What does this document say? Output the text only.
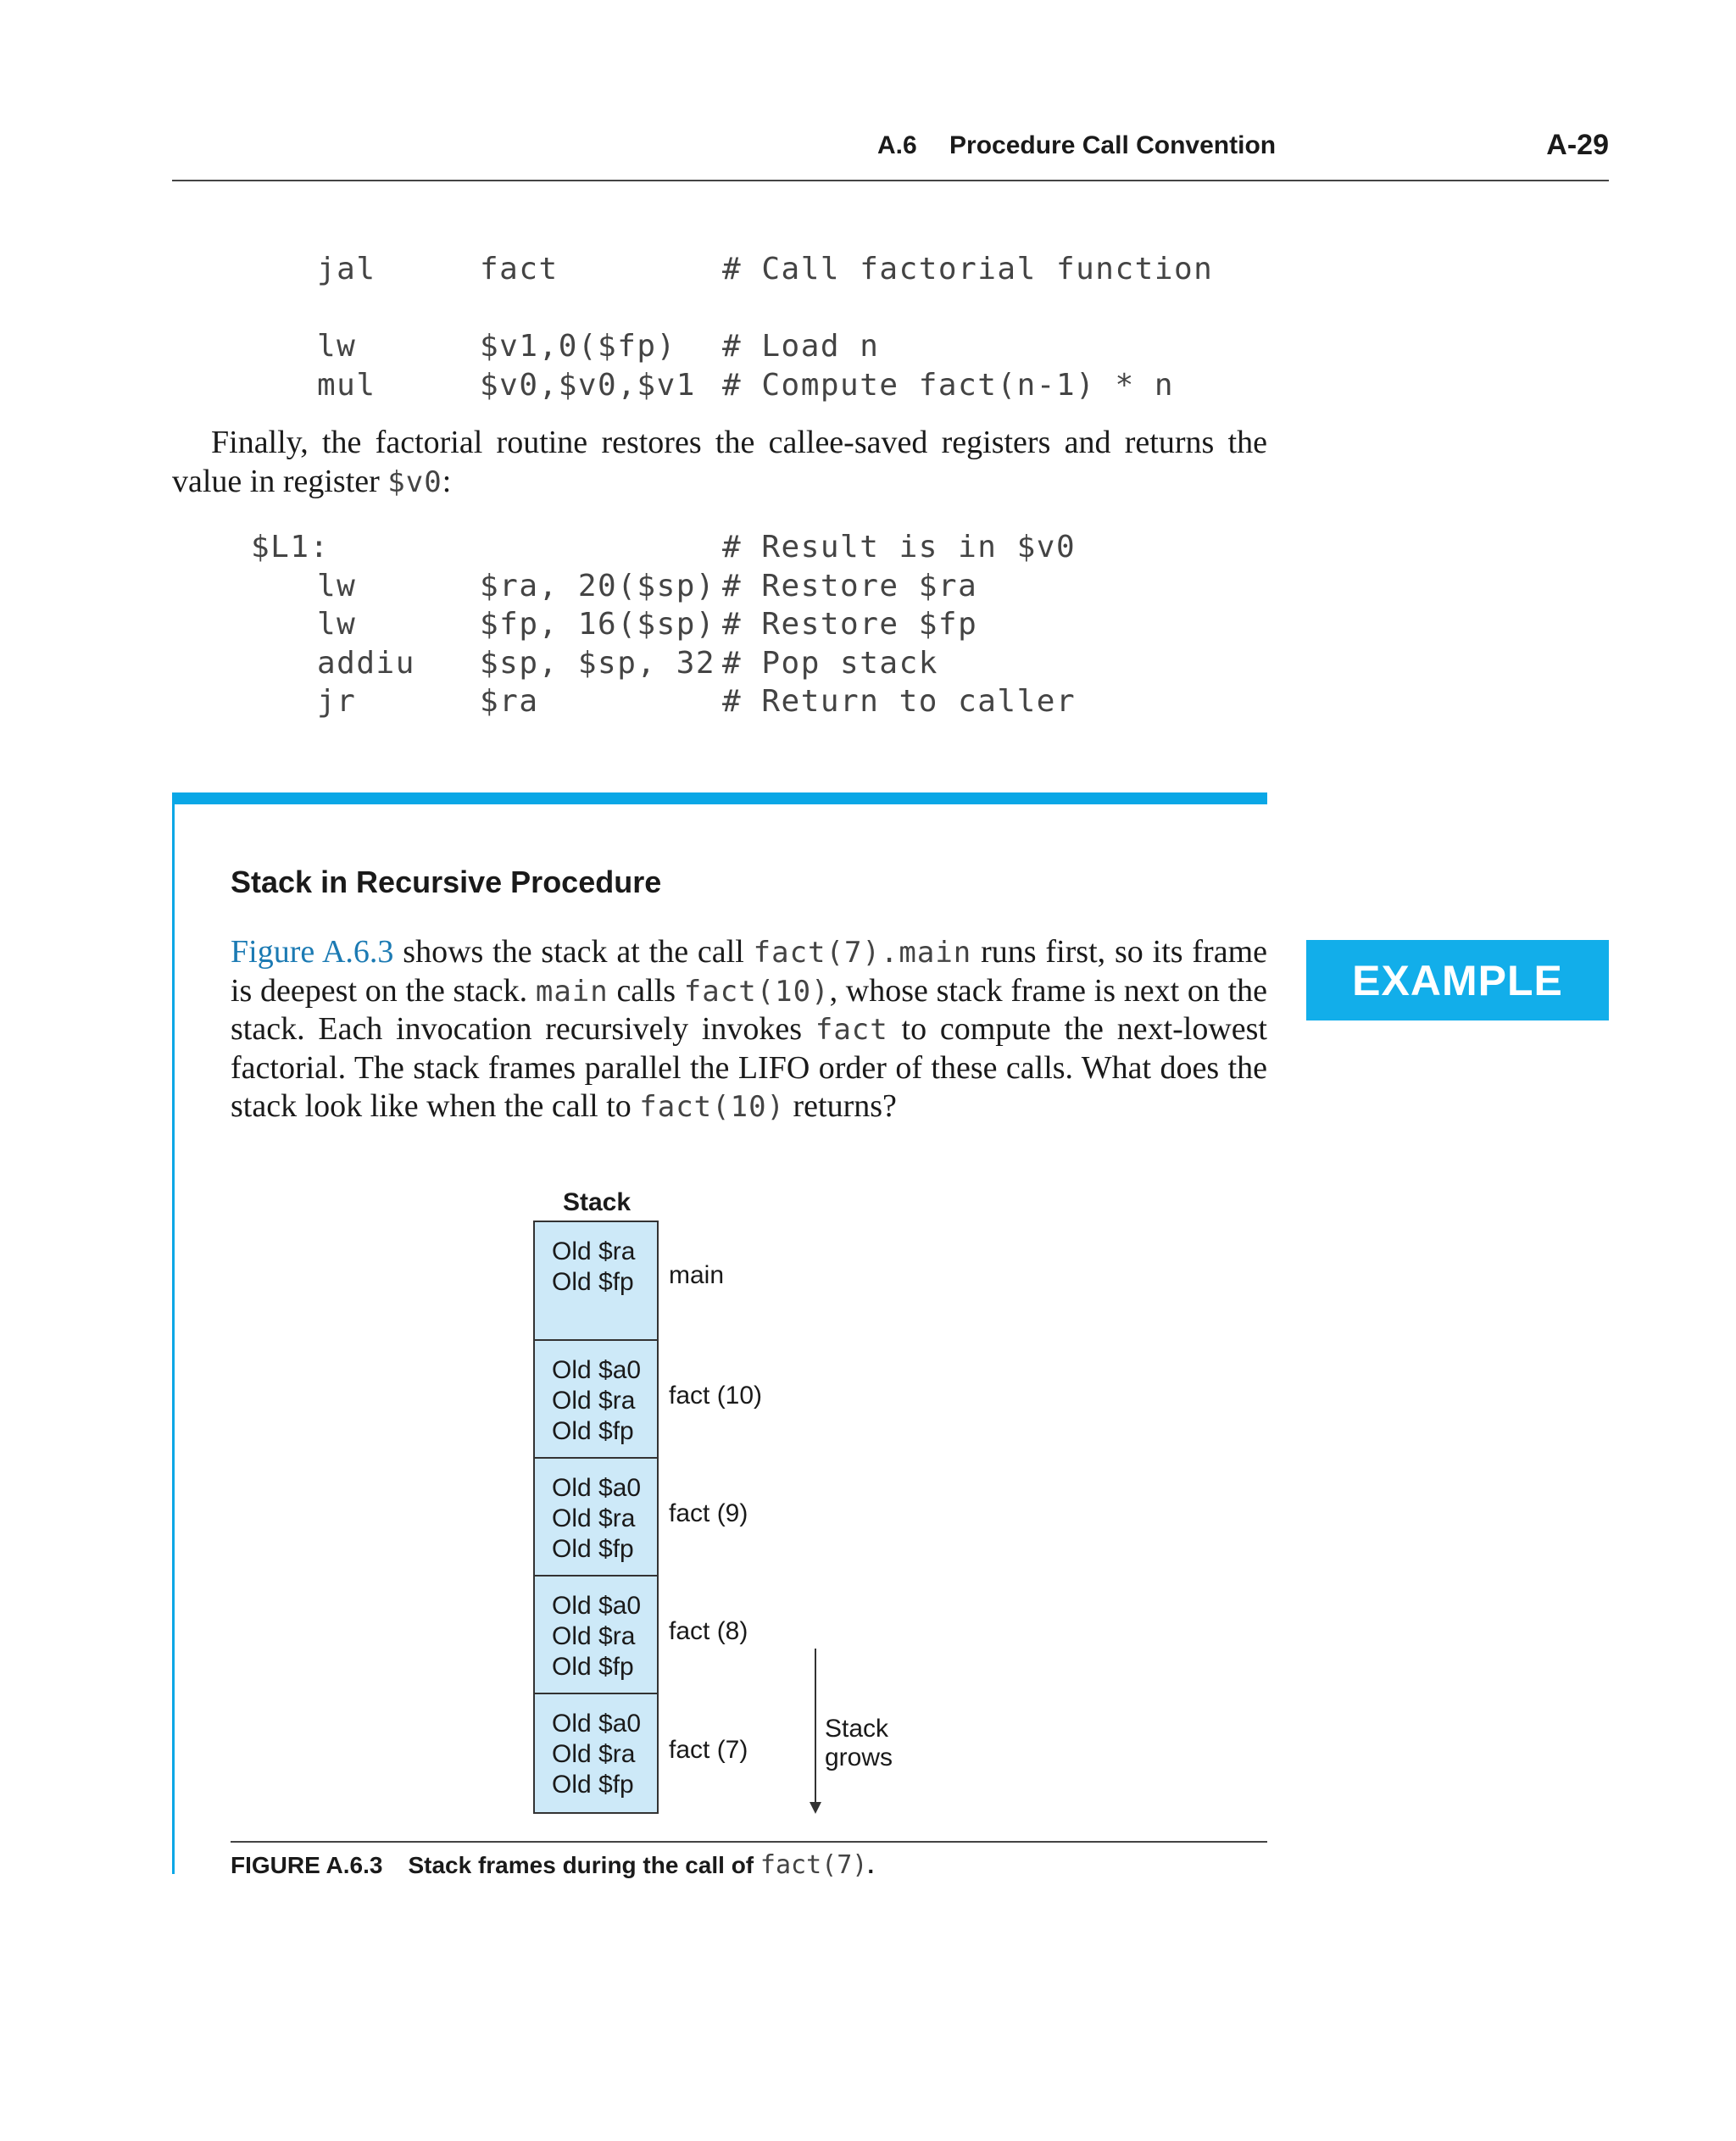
A.6 Procedure Call Convention	A-29
jal	fact	# Call factorial function
lw	$v1,0($fp) # Load n
mul	$v0,$v0,$v1 # Compute fact(n-1) * n
Finally, the factorial routine restores the callee-saved registers and returns the
value in register $v0:
$L1:	# Result is in $v0
lw	$ra, 20($sp) # Restore $ra
lw	$fp, 16($sp) # Restore $fp
addiu $sp, $sp, 32 # Pop stack
jr	$ra	# Return to caller
Stack in Recursive Procedure
EXAMPLE
Figure A.6.3 shows the stack at the call fact(7).main runs first, so its frame
is deepest on the stack. main calls fact(10), whose stack frame is next on the
stack. Each invocation recursively invokes fact to compute the next-lowest
factorial. The stack frames parallel the LIFO order of these calls. What does the
stack look like when the call to fact(10) returns?
Stack
Old $ra
Old $fp main
Old $a0
Old $ra
Old $fp
fact (10)
Old $a0
Old $ra
Old $fp
fact (9)
Old $a0
Old $ra
Old $fp
fact (8)
Old $a0
Old $ra
Old $fp
fact (7)
Stack grows
FIGURE A.6.3 Stack frames during the call of fact(7).
